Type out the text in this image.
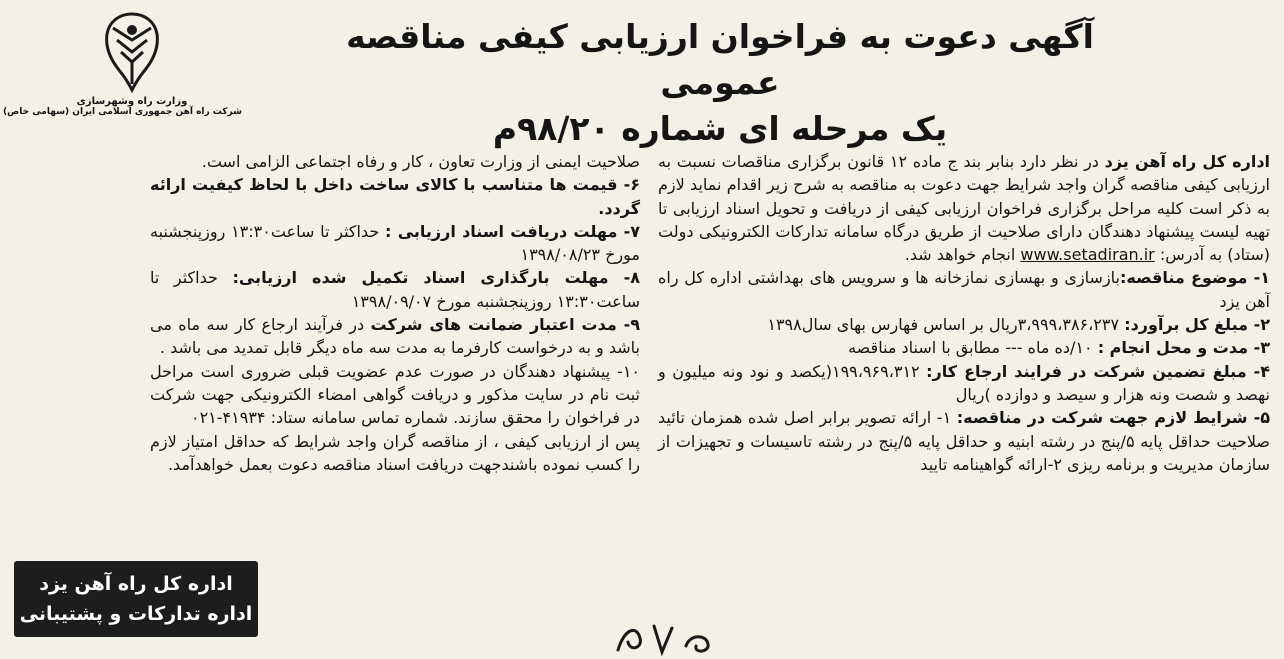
وزارت راه وشهرسازی
شرکت راه آهن جمهوری اسلامی ایران (سهامی خاص)
آگهی دعوت به فراخوان ارزیابی کیفی مناقصه عمومی
یک مرحله ای شماره ۹۸/۲۰م

اداره کل راه آهن یزد در نظر دارد بنابر بند ج ماده ۱۲ قانون برگزاری مناقصات نسبت به ارزیابی کیفی مناقصه گران واجد شرایط جهت دعوت به مناقصه به شرح زیر اقدام نماید لازم به ذکر است کلیه مراحل برگزاری فراخوان ارزیابی کیفی از دریافت و تحویل اسناد ارزیابی تا تهیه لیست پیشنهاد دهندگان دارای صلاحیت از طریق درگاه سامانه تدارکات الکترونیکی دولت (ستاد) به آدرس: www.setadiran.ir انجام خواهد شد.

۱- موضوع مناقصه:بازسازی و بهسازی نمازخانه ها و سرویس های بهداشتی اداره کل راه آهن یزد

۲- مبلغ کل برآورد: ۳،۹۹۹،۳۸۶،۲۳۷ریال بر اساس فهارس بهای سال۱۳۹۸

۳- مدت و محل انجام : ۱۰/ده ماه --- مطابق با اسناد مناقصه

۴- مبلغ تضمین شرکت در فرایند ارجاع کار: ۱۹۹،۹۶۹،۳۱۲(یکصد و نود ونه میلیون و نهصد و شصت ونه هزار و سیصد و دوازده )ریال

۵- شرایط لازم جهت شرکت در مناقصه: ۱- ارائه تصویر برابر اصل شده همزمان تائید صلاحیت حداقل پایه ۵/پنج در رشته ابنیه و حداقل پایه ۵/پنج در رشته تاسیسات و تجهیزات از سازمان مدیریت و برنامه ریزی ۲-ارائه گواهینامه تایید

صلاحیت ایمنی از وزارت تعاون ، کار و رفاه اجتماعی الزامی است.

۶- قیمت ها متناسب با کالای ساخت داخل با لحاظ کیفیت ارائه گردد.

۷- مهلت دریافت اسناد ارزیابی : حداکثر تا ساعت۱۳:۳۰ روزپنجشنبه مورخ ۱۳۹۸/۰۸/۲۳

۸- مهلت بارگذاری اسناد تکمیل شده ارزیابی: حداکثر تا ساعت۱۳:۳۰ روزپنجشنبه مورخ ۱۳۹۸/۰۹/۰۷

۹- مدت اعتبار ضمانت های شرکت در فرآیند ارجاع کار سه ماه می باشد و به درخواست کارفرما به مدت سه ماه دیگر قابل تمدید می باشد .

۱۰- پیشنهاد دهندگان در صورت عدم عضویت قبلی ضروری است مراحل ثبت نام در سایت مذکور و دریافت گواهی امضاء الکترونیکی جهت شرکت در فراخوان را محقق سازند. شماره تماس سامانه ستاد: ۴۱۹۳۴-۰۲۱

پس از ارزیابی کیفی ، از مناقصه گران واجد شرایط که حداقل امتیاز لازم را کسب نموده باشندجهت دریافت اسناد مناقصه دعوت بعمل خواهدآمد.

اداره کل راه آهن یزد
اداره تدارکات و پشتیبانی
